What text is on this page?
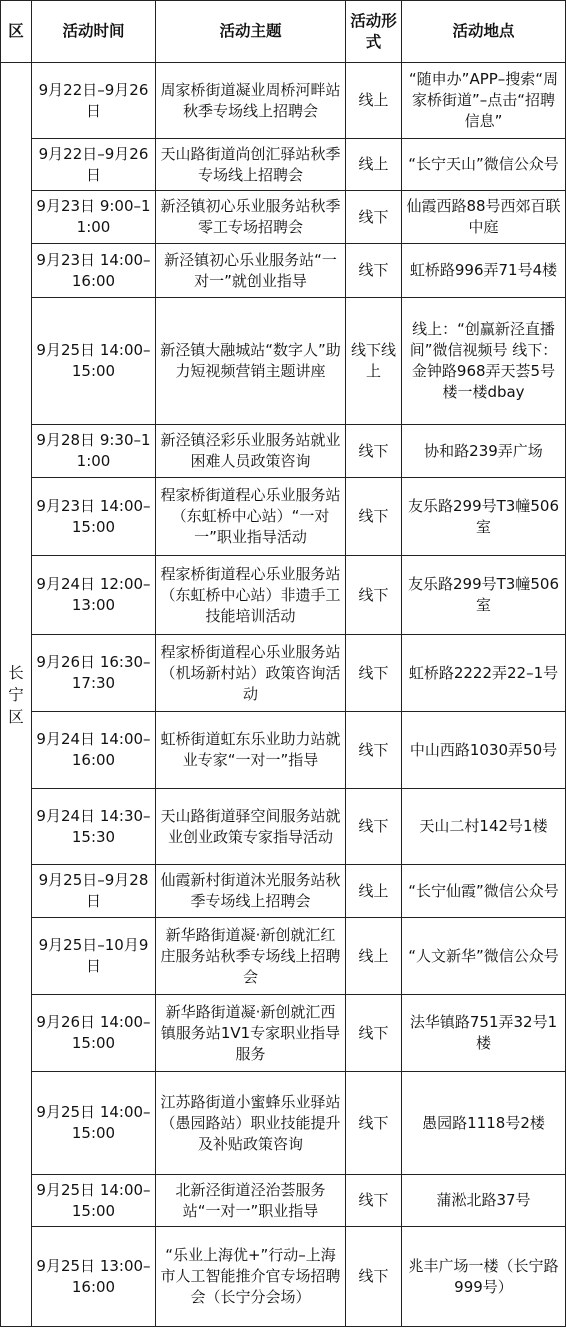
区	活动时间	活动主题	活动形式	活动地点
长宁区	9月22日–9月26日	周家桥街道凝业周桥河畔站秋季专场线上招聘会	线上	“随申办”APP–搜索“周家桥街道”–点击“招聘信息”
	9月22日–9月26日	天山路街道尚创汇驿站秋季专场线上招聘会	线上	“长宁天山”微信公众号
	9月23日 9:00–11:00	新泾镇初心乐业服务站秋季零工专场招聘会	线下	仙霞西路88号西郊百联中庭
	9月23日 14:00–16:00	新泾镇初心乐业服务站“一对一”就创业指导	线下	虹桥路996弄71号4楼
	9月25日 14:00–15:00	新泾镇大融城站“数字人”助力短视频营销主题讲座	线下线上	线上：“创赢新泾直播间”微信视频号 线下：金钟路968弄天荟5号楼一楼dbay
	9月28日 9:30–11:00	新泾镇泾彩乐业服务站就业困难人员政策咨询	线下	协和路239弄广场
	9月23日 14:00–15:00	程家桥街道程心乐业服务站（东虹桥中心站）“一对一”职业指导活动	线下	友乐路299号T3幢506室
	9月24日 12:00–13:00	程家桥街道程心乐业服务站（东虹桥中心站）非遗手工技能培训活动	线下	友乐路299号T3幢506室
	9月26日 16:30–17:30	程家桥街道程心乐业服务站（机场新村站）政策咨询活动	线下	虹桥路2222弄22–1号
	9月24日 14:00–16:00	虹桥街道虹东乐业助力站就业专家“一对一”指导	线下	中山西路1030弄50号
	9月24日 14:30–15:30	天山路街道驿空间服务站就业创业政策专家指导活动	线下	天山二村142号1楼
	9月25日–9月28日	仙霞新村街道沐光服务站秋季专场线上招聘会	线上	“长宁仙霞”微信公众号
	9月25日–10月9日	新华路街道凝·新创就汇红庄服务站秋季专场线上招聘会	线上	“人文新华”微信公众号
	9月26日 14:00–15:00	新华路街道凝·新创就汇西镇服务站1V1专家职业指导服务	线下	法华镇路751弄32号1楼
	9月25日 14:00–15:00	江苏路街道小蜜蜂乐业驿站（愚园路站）职业技能提升及补贴政策咨询	线下	愚园路1118号2楼
	9月25日 14:00–15:00	北新泾街道泾治荟服务站“一对一”职业指导	线下	蒲淞北路37号
	9月25日 13:00–16:00	“乐业上海优+”行动–上海市人工智能推介官专场招聘会（长宁分会场）	线下	兆丰广场一楼（长宁路999号）
